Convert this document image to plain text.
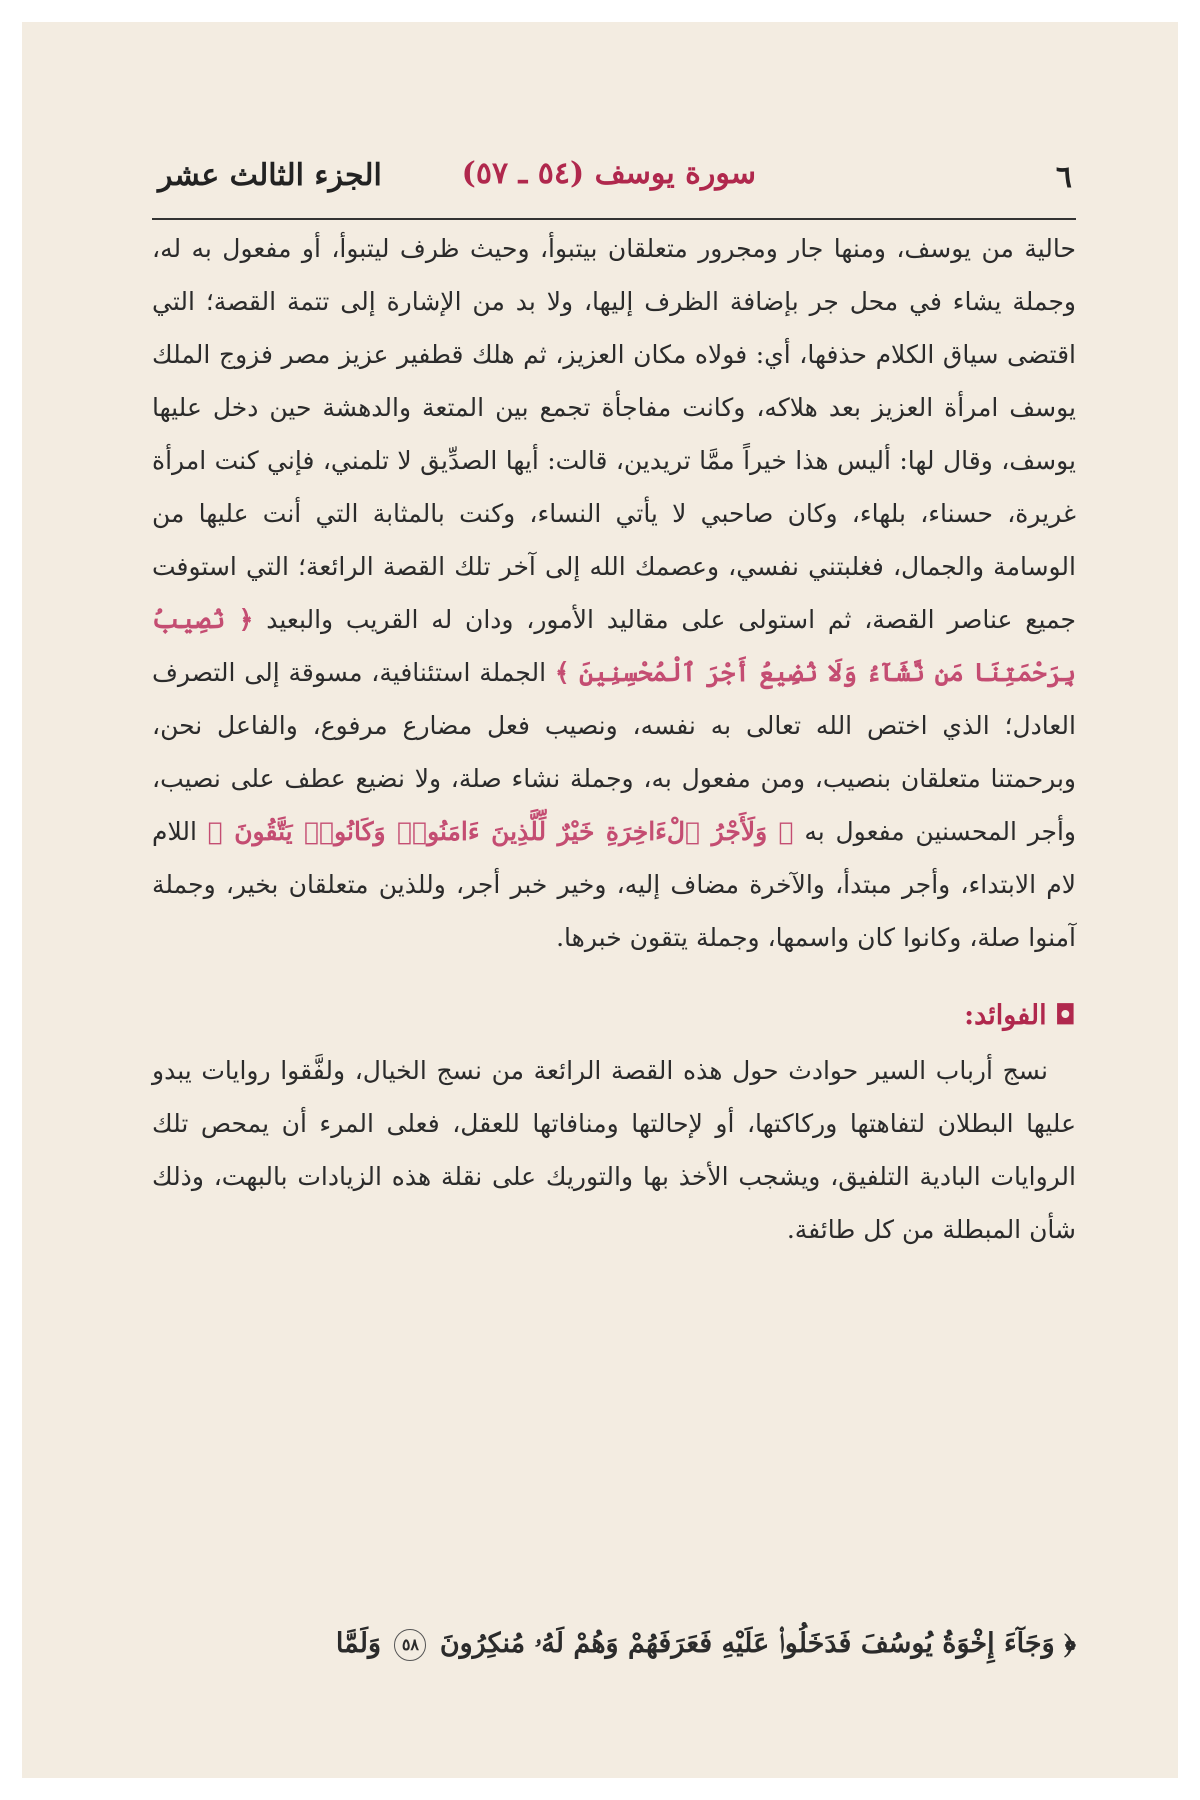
٦
سورة يوسف (٥٤ ـ ٥٧)
الجزء الثالث عشر

حالية من يوسف، ومنها جار ومجرور متعلقان بيتبوأ، وحيث ظرف ليتبوأ، أو مفعول به له، وجملة يشاء في محل جر بإضافة الظرف إليها، ولا بد من الإشارة إلى تتمة القصة؛ التي اقتضى سياق الكلام حذفها، أي: فولاه مكان العزيز، ثم هلك قطفير عزيز مصر فزوج الملك يوسف امرأة العزيز بعد هلاكه، وكانت مفاجأة تجمع بين المتعة والدهشة حين دخل عليها يوسف، وقال لها: أليس هذا خيراً ممَّا تريدين، قالت: أيها الصدِّيق لا تلمني، فإني كنت امرأة غريرة، حسناء، بلهاء، وكان صاحبي لا يأتي النساء، وكنت بالمثابة التي أنت عليها من الوسامة والجمال، فغلبتني نفسي، وعصمك الله إلى آخر تلك القصة الرائعة؛ التي استوفت جميع عناصر القصة، ثم استولى على مقاليد الأمور، ودان له القريب والبعيد ﴿ نُصِيبُ بِرَحْمَتِنَا مَن نَّشَآءُ وَلَا نُضِيعُ أَجْرَ ٱلْمُحْسِنِينَ ﴾ الجملة استئنافية، مسوقة إلى التصرف العادل؛ الذي اختص الله تعالى به نفسه، ونصيب فعل مضارع مرفوع، والفاعل نحن، وبرحمتنا متعلقان بنصيب، ومن مفعول به، وجملة نشاء صلة، ولا نضيع عطف على نصيب، وأجر المحسنين مفعول به ﴿ وَلَأَجْرُ ٱلْءَاخِرَةِ خَيْرٌ لِّلَّذِينَ ءَامَنُوا۟ وَكَانُوا۟ يَتَّقُونَ ﴾ اللام لام الابتداء، وأجر مبتدأ، والآخرة مضاف إليه، وخير خبر أجر، وللذين متعلقان بخير، وجملة آمنوا صلة، وكانوا كان واسمها، وجملة يتقون خبرها.

◘الفوائد:

نسج أرباب السير حوادث حول هذه القصة الرائعة من نسج الخيال، ولفَّقوا روايات يبدو عليها البطلان لتفاهتها وركاكتها، أو لإحالتها ومنافاتها للعقل، فعلى المرء أن يمحص تلك الروايات البادية التلفيق، ويشجب الأخذ بها والتوريك على نقلة هذه الزيادات بالبهت، وذلك شأن المبطلة من كل طائفة.

﴿ وَجَآءَ إِخْوَةُ يُوسُفَ فَدَخَلُوا۟ عَلَيْهِ فَعَرَفَهُمْ وَهُمْ لَهُۥ مُنكِرُونَ ٥٨ وَلَمَّا
